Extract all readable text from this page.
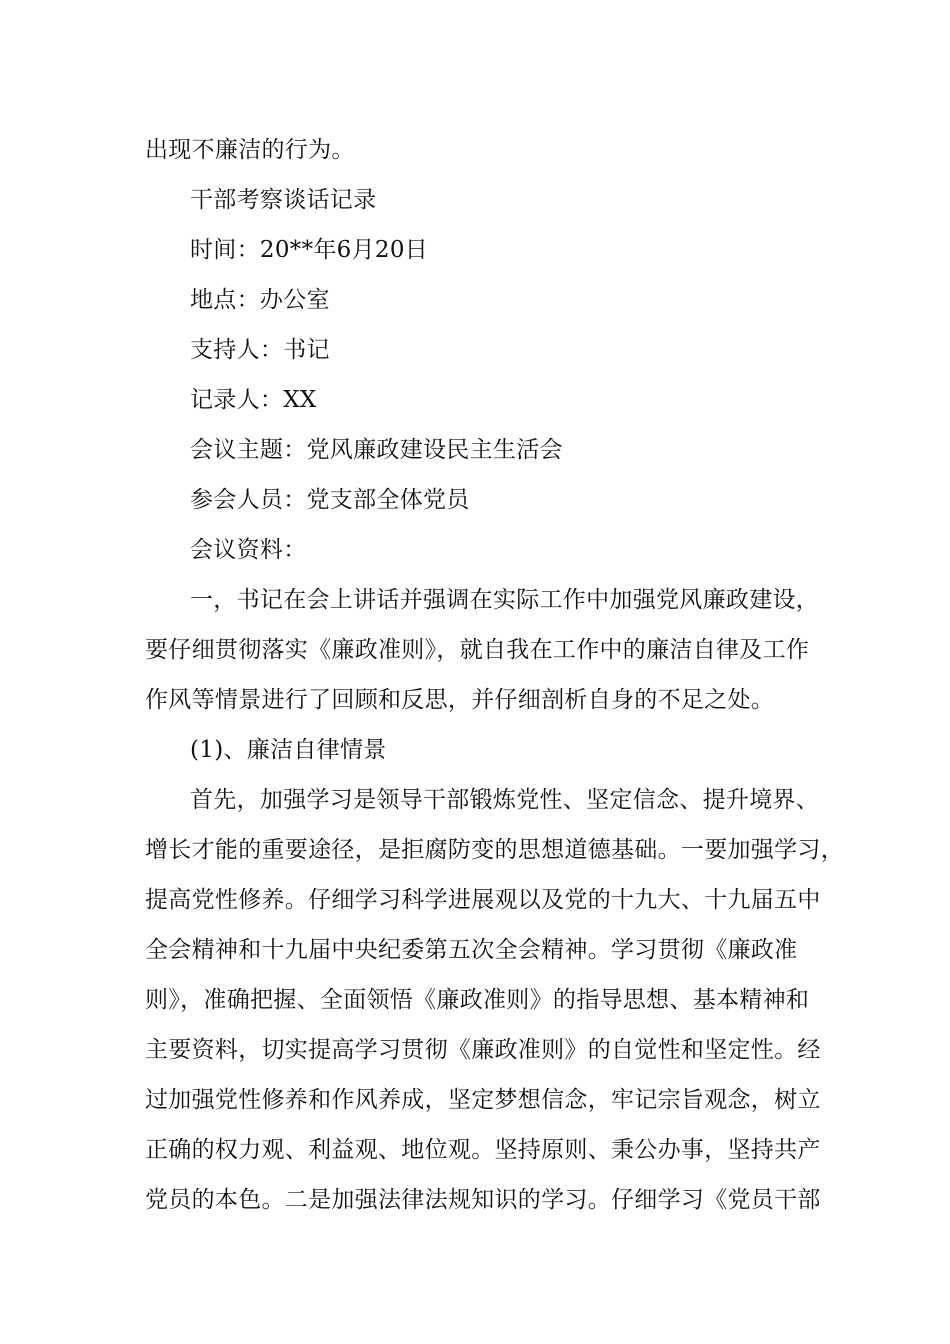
出现不廉洁的行为。
干部考察谈话记录
时间：20**年6月20日
地点：办公室
支持人：书记
记录人：XX
会议主题：党风廉政建设民主生活会
参会人员：党支部全体党员
会议资料：
一，书记在会上讲话并强调在实际工作中加强党风廉政建设，
要仔细贯彻落实《廉政准则》，就自我在工作中的廉洁自律及工作
作风等情景进行了回顾和反思，并仔细剖析自身的不足之处。
(1)、廉洁自律情景
首先，加强学习是领导干部锻炼党性、坚定信念、提升境界、
增长才能的重要途径，是拒腐防变的思想道德基础。一要加强学习，
提高党性修养。仔细学习科学进展观以及党的十九大、十九届五中
全会精神和十九届中央纪委第五次全会精神。学习贯彻《廉政准
则》，准确把握、全面领悟《廉政准则》的指导思想、基本精神和
主要资料，切实提高学习贯彻《廉政准则》的自觉性和坚定性。经
过加强党性修养和作风养成，坚定梦想信念，牢记宗旨观念，树立
正确的权力观、利益观、地位观。坚持原则、秉公办事，坚持共产
党员的本色。二是加强法律法规知识的学习。仔细学习《党员干部
